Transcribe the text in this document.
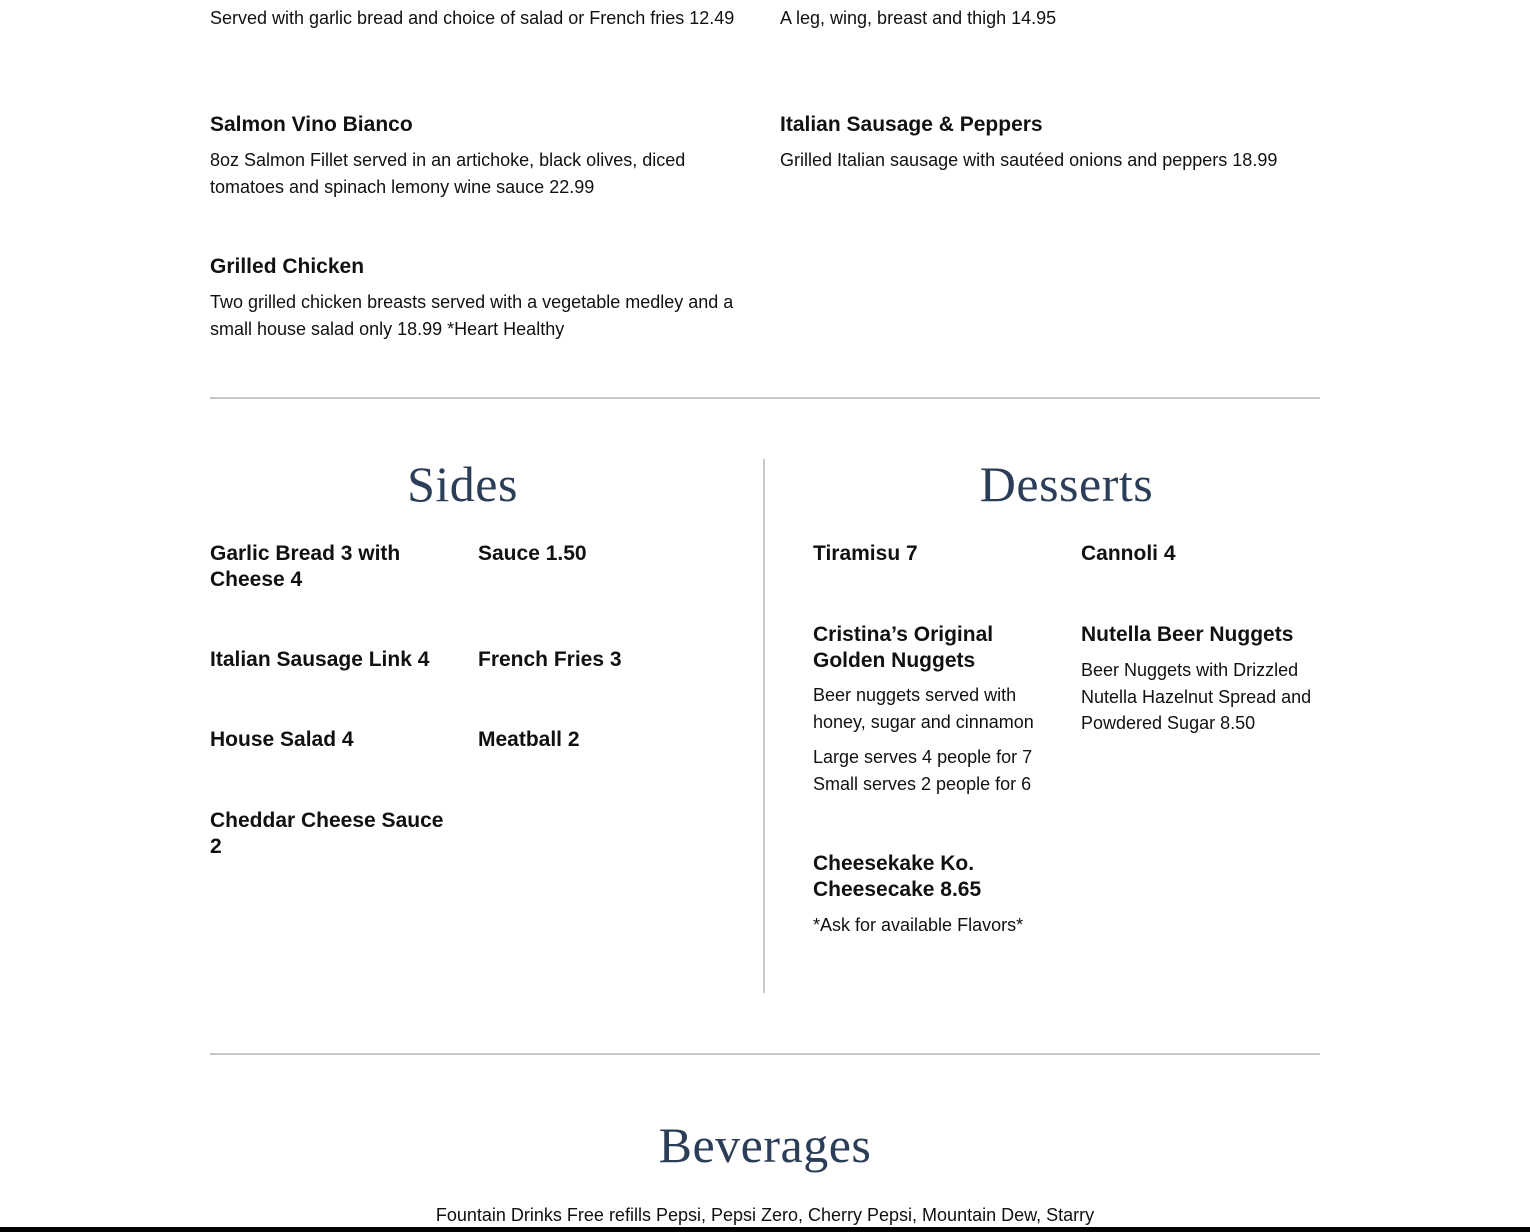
Served with garlic bread and choice of salad or French fries 12.49	A leg, wing, breast and thigh 14.95
Salmon Vino Bianco
8oz Salmon Fillet served in an artichoke, black olives, diced tomatoes and spinach lemony wine sauce 22.99
Italian Sausage & Peppers
Grilled Italian sausage with sautéed onions and peppers 18.99
Grilled Chicken
Two grilled chicken breasts served with a vegetable medley and a small house salad only 18.99 *Heart Healthy
Sides
Garlic Bread 3 with Cheese 4
Sauce 1.50
Italian Sausage Link 4	French Fries 3
House Salad 4	Meatball 2
Cheddar Cheese Sauce 2
Desserts
Tiramisu 7	Cannoli 4
Cristina’s Original Golden Nuggets
Beer nuggets served with honey, sugar and cinnamon
Large serves 4 people for 7 Small serves 2 people for 6
Nutella Beer Nuggets
Beer Nuggets with Drizzled Nutella Hazelnut Spread and Powdered Sugar 8.50
Cheesekake Ko. Cheesecake 8.65
*Ask for available Flavors*
Beverages
Fountain Drinks Free refills Pepsi, Pepsi Zero, Cherry Pepsi, Mountain Dew, Starry
